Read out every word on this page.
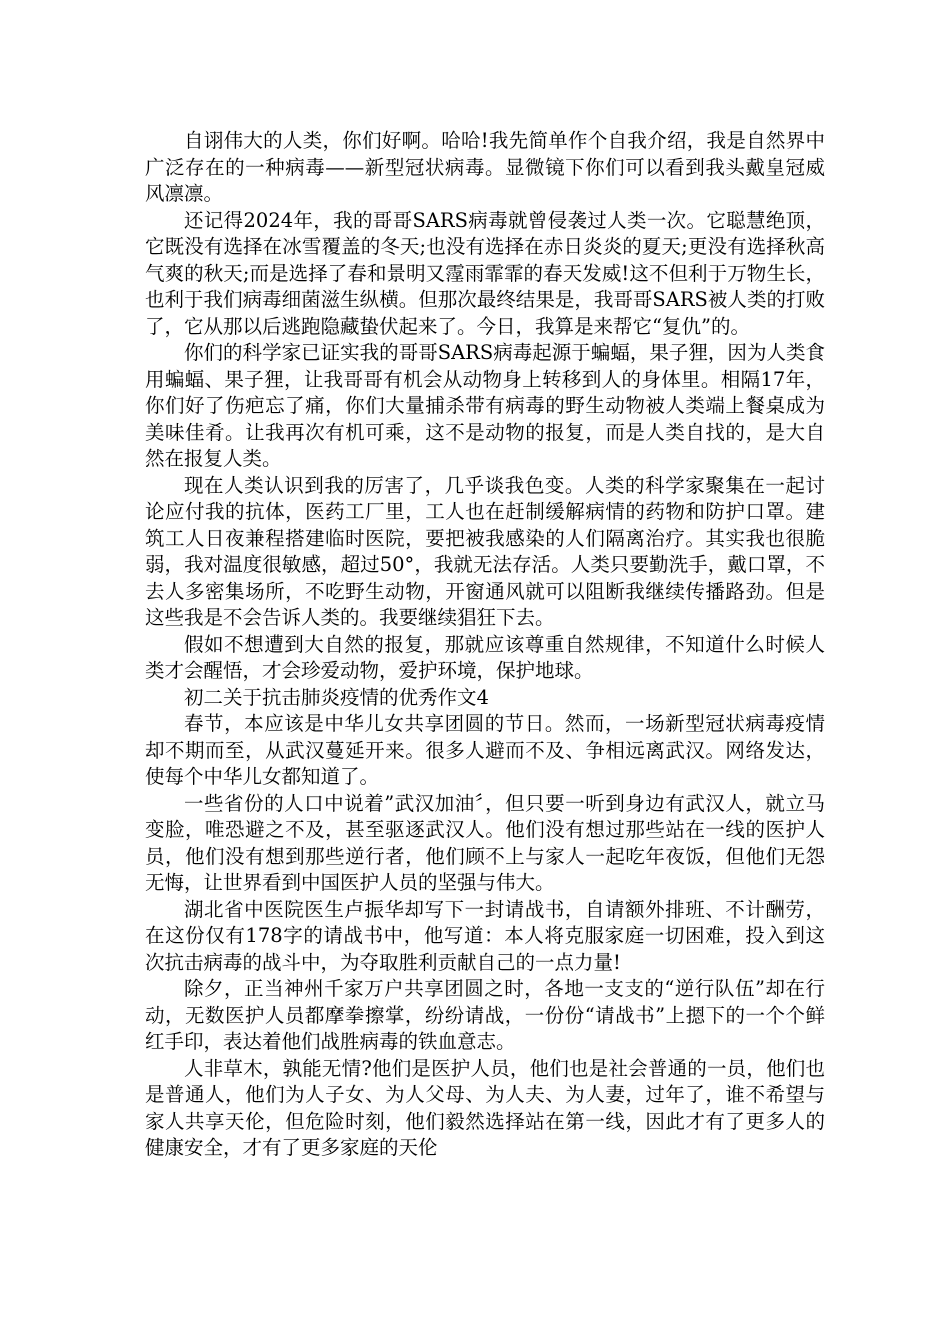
自诩伟大的人类，你们好啊。哈哈!我先简单作个自我介绍，我是自然界中广泛存在的一种病毒——新型冠状病毒。显微镜下你们可以看到我头戴皇冠威风凛凛。

还记得2024年，我的哥哥SARS病毒就曾侵袭过人类一次。它聪慧绝顶，它既没有选择在冰雪覆盖的冬天;也没有选择在赤日炎炎的夏天;更没有选择秋高气爽的秋天;而是选择了春和景明又霪雨霏霏的春天发威!这不但利于万物生长，也利于我们病毒细菌滋生纵横。但那次最终结果是，我哥哥SARS被人类的打败了，它从那以后逃跑隐藏蛰伏起来了。今日，我算是来帮它“复仇”的。

你们的科学家已证实我的哥哥SARS病毒起源于蝙蝠，果子狸，因为人类食用蝙蝠、果子狸，让我哥哥有机会从动物身上转移到人的身体里。相隔17年，你们好了伤疤忘了痛，你们大量捕杀带有病毒的野生动物被人类端上餐桌成为美味佳肴。让我再次有机可乘，这不是动物的报复，而是人类自找的，是大自然在报复人类。

现在人类认识到我的厉害了，几乎谈我色变。人类的科学家聚集在一起讨论应付我的抗体，医药工厂里，工人也在赶制缓解病情的药物和防护口罩。建筑工人日夜兼程搭建临时医院，要把被我感染的人们隔离治疗。其实我也很脆弱，我对温度很敏感，超过50°，我就无法存活。人类只要勤洗手，戴口罩，不去人多密集场所，不吃野生动物，开窗通风就可以阻断我继续传播路劲。但是这些我是不会告诉人类的。我要继续猖狂下去。

假如不想遭到大自然的报复，那就应该尊重自然规律，不知道什么时候人类才会醒悟，才会珍爱动物，爱护环境，保护地球。

初二关于抗击肺炎疫情的优秀作文4

春节，本应该是中华儿女共享团圆的节日。然而，一场新型冠状病毒疫情却不期而至，从武汉蔓延开来。很多人避而不及、争相远离武汉。网络发达，使每个中华儿女都知道了。

一些省份的人口中说着”武汉加油〞，但只要一听到身边有武汉人，就立马变脸，唯恐避之不及，甚至驱逐武汉人。他们没有想过那些站在一线的医护人员，他们没有想到那些逆行者，他们顾不上与家人一起吃年夜饭，但他们无怨无悔，让世界看到中国医护人员的坚强与伟大。

湖北省中医院医生卢振华却写下一封请战书，自请额外排班、不计酬劳，在这份仅有178字的请战书中，他写道：本人将克服家庭一切困难，投入到这次抗击病毒的战斗中，为夺取胜利贡献自己的一点力量!

除夕，正当神州千家万户共享团圆之时，各地一支支的“逆行队伍”却在行动，无数医护人员都摩拳擦掌，纷纷请战，一份份“请战书”上摁下的一个个鲜红手印，表达着他们战胜病毒的铁血意志。

人非草木，孰能无情?他们是医护人员，他们也是社会普通的一员，他们也是普通人，他们为人子女、为人父母、为人夫、为人妻，过年了，谁不希望与家人共享天伦，但危险时刻，他们毅然选择站在第一线，因此才有了更多人的健康安全，才有了更多家庭的天伦
